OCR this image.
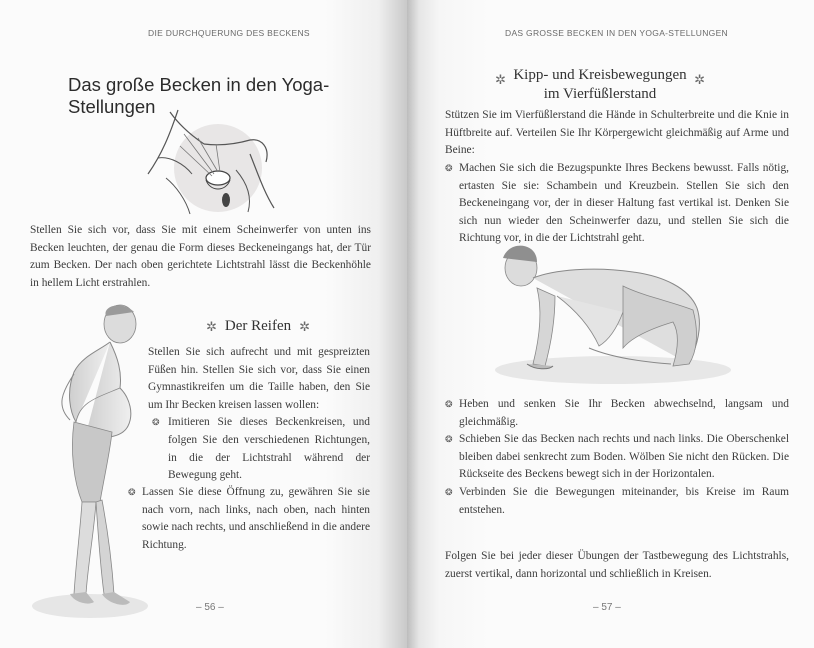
DIE DURCHQUERUNG DES BECKENS
Das große Becken in den Yoga-Stellungen

Stellen Sie sich vor, dass Sie mit einem Scheinwerfer von unten ins Becken leuchten, der genau die Form dieses Beckeneingangs hat, der Tür zum Becken. Der nach oben gerichtete Lichtstrahl lässt die Beckenhöhle in hellem Licht erstrahlen.

✲ Der Reifen ✲
Stellen Sie sich aufrecht und mit gespreizten Füßen hin. Stellen Sie sich vor, dass Sie einen Gymnastikreifen um die Taille haben, den Sie um Ihr Becken kreisen lassen wollen:
❂ Imitieren Sie dieses Beckenkreisen, und folgen Sie den verschiedenen Richtungen, in die der Lichtstrahl während der Bewegung geht.
❂ Lassen Sie diese Öffnung zu, gewähren Sie sie nach vorn, nach links, nach oben, nach hinten sowie nach rechts, und anschließend in die andere Richtung.
– 56 –
DAS GROSSE BECKEN IN DEN YOGA-STELLUNGEN
✲ Kipp- und Kreisbewegungen
im Vierfüßlerstand
✲

Stützen Sie im Vierfüßlerstand die Hände in Schulterbreite und die Knie in Hüftbreite auf. Verteilen Sie Ihr Körpergewicht gleichmäßig auf Arme und Beine:

❂ Machen Sie sich die Bezugspunkte Ihres Beckens bewusst. Falls nötig, ertasten Sie sie: Schambein und Kreuzbein. Stellen Sie sich den Beckeneingang vor, der in dieser Haltung fast vertikal ist. Denken Sie sich nun wieder den Scheinwerfer dazu, und stellen Sie sich die Richtung vor, in die der Lichtstrahl geht.
❂ Heben und senken Sie Ihr Becken abwechselnd, langsam und gleichmäßig.
❂ Schieben Sie das Becken nach rechts und nach links. Die Oberschenkel bleiben dabei senkrecht zum Boden. Wölben Sie nicht den Rücken. Die Rückseite des Beckens bewegt sich in der Horizontalen.
❂ Verbinden Sie die Bewegungen miteinander, bis Kreise im Raum entstehen.

Folgen Sie bei jeder dieser Übungen der Tastbewegung des Lichtstrahls, zuerst vertikal, dann horizontal und schließlich in Kreisen.

– 57 –
